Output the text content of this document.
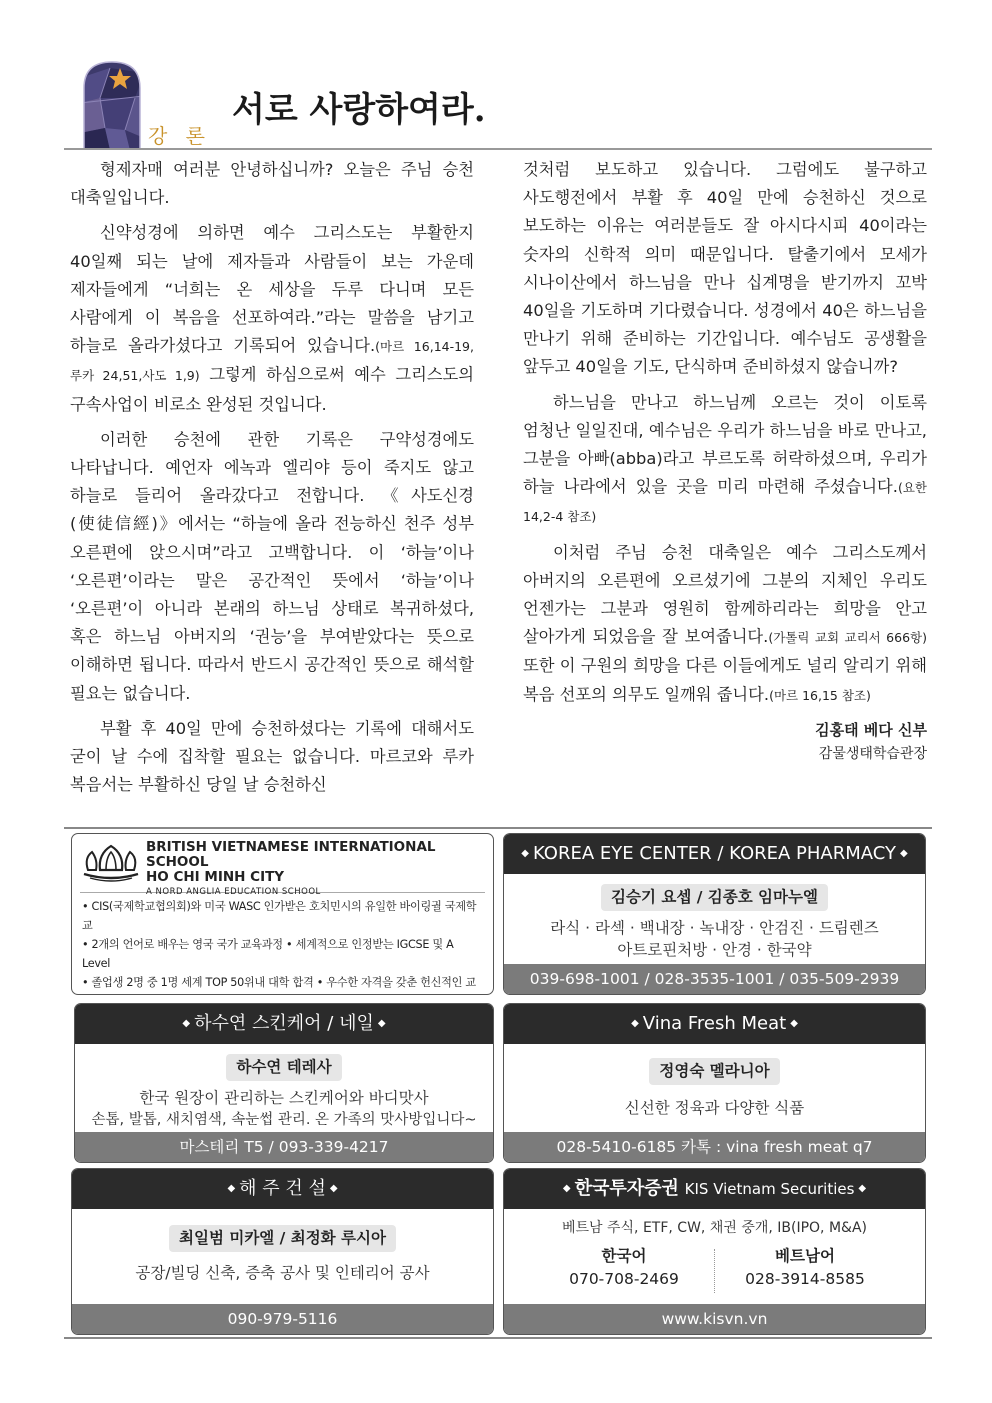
강 론
서로 사랑하여라.

형제자매 여러분 안녕하십니까? 오늘은 주님 승천 대축일입니다.

신약성경에 의하면 예수 그리스도는 부활한지 40일째 되는 날에 제자들과 사람들이 보는 가운데 제자들에게 “너희는 온 세상을 두루 다니며 모든 사람에게 이 복음을 선포하여라.”라는 말씀을 남기고 하늘로 올라가셨다고 기록되어 있습니다.(마르 16,14-19,루카 24,51,사도 1,9) 그렇게 하심으로써 예수 그리스도의 구속사업이 비로소 완성된 것입니다.

이러한 승천에 관한 기록은 구약성경에도 나타납니다. 예언자 에녹과 엘리야 등이 죽지도 않고 하늘로 들리어 올라갔다고 전합니다. 《사도신경(使徒信經)》에서는 “하늘에 올라 전능하신 천주 성부 오른편에 앉으시며”라고 고백합니다. 이 ‘하늘’이나 ‘오른편’이라는 말은 공간적인 뜻에서 ‘하늘’이나 ‘오른편’이 아니라 본래의 하느님 상태로 복귀하셨다, 혹은 하느님 아버지의 ‘권능’을 부여받았다는 뜻으로 이해하면 됩니다. 따라서 반드시 공간적인 뜻으로 해석할 필요는 없습니다.

부활 후 40일 만에 승천하셨다는 기록에 대해서도 굳이 날 수에 집착할 필요는 없습니다. 마르코와 루카 복음서는 부활하신 당일 날 승천하신

것처럼 보도하고 있습니다. 그럼에도 불구하고 사도행전에서 부활 후 40일 만에 승천하신 것으로 보도하는 이유는 여러분들도 잘 아시다시피 40이라는 숫자의 신학적 의미 때문입니다. 탈출기에서 모세가 시나이산에서 하느님을 만나 십계명을 받기까지 꼬박 40일을 기도하며 기다렸습니다. 성경에서 40은 하느님을 만나기 위해 준비하는 기간입니다. 예수님도 공생활을 앞두고 40일을 기도, 단식하며 준비하셨지 않습니까?

하느님을 만나고 하느님께 오르는 것이 이토록 엄청난 일일진대, 예수님은 우리가 하느님을 바로 만나고, 그분을 아빠(abba)라고 부르도록 허락하셨으며, 우리가 하늘 나라에서 있을 곳을 미리 마련해 주셨습니다.(요한 14,2-4 참조)

이처럼 주님 승천 대축일은 예수 그리스도께서 아버지의 오른편에 오르셨기에 그분의 지체인 우리도 언젠가는 그분과 영원히 함께하리라는 희망을 안고 살아가게 되었음을 잘 보여줍니다.(가톨릭 교회 교리서 666항) 또한 이 구원의 희망을 다른 이들에게도 널리 알리기 위해 복음 선포의 의무도 일깨워 줍니다.(마르 16,15 참조)

김홍태 베다 신부
감물생태학습관장
BRITISH VIETNAMESE INTERNATIONAL SCHOOL
HO CHI MINH CITY
A NORD ANGLIA EDUCATION SCHOOL
• CIS(국제학교협의회)와 미국 WASC 인가받은 호치민시의 유일한 바이링궐 국제학교
• 2개의 언어로 배우는 영국 국가 교육과정 • 세계적으로 인정받는 IGCSE 및 A Level
• 졸업생 2명 중 1명 세계 TOP 50위내 대학 합격 • 우수한 자격을 갖춘 헌신적인 교
◆ KOREA EYE CENTER / KOREA PHARMACY ◆
김승기 요셉 / 김종호 임마누엘
라식 · 라섹 · 백내장 · 녹내장 · 안검진 · 드림렌즈
아트로핀처방 · 안경 · 한국약
039-698-1001 / 028-3535-1001 / 035-509-2939
◆ 하수연 스킨케어 / 네일 ◆
하수연 테레사
한국 원장이 관리하는 스킨케어와 바디맛사
손톱, 발톱, 새치염색, 속눈썹 관리. 온 가족의 맛사방입니다~
마스테리 T5 / 093-339-4217
◆ Vina Fresh Meat ◆
정영숙 멜라니아
신선한 정육과 다양한 식품
028-5410-6185 카톡 : vina fresh meat q7
◆ 해 주 건 설 ◆
최일범 미카엘 / 최정화 루시아
공장/빌딩 신축, 증축 공사 및 인테리어 공사
090-979-5116
◆ 한국투자증권 KIS Vietnam Securities ◆
베트남 주식, ETF, CW, 채권 중개, IB(IPO, M&A)
한국어
070-708-2469
베트남어
028-3914-8585
www.kisvn.vn
